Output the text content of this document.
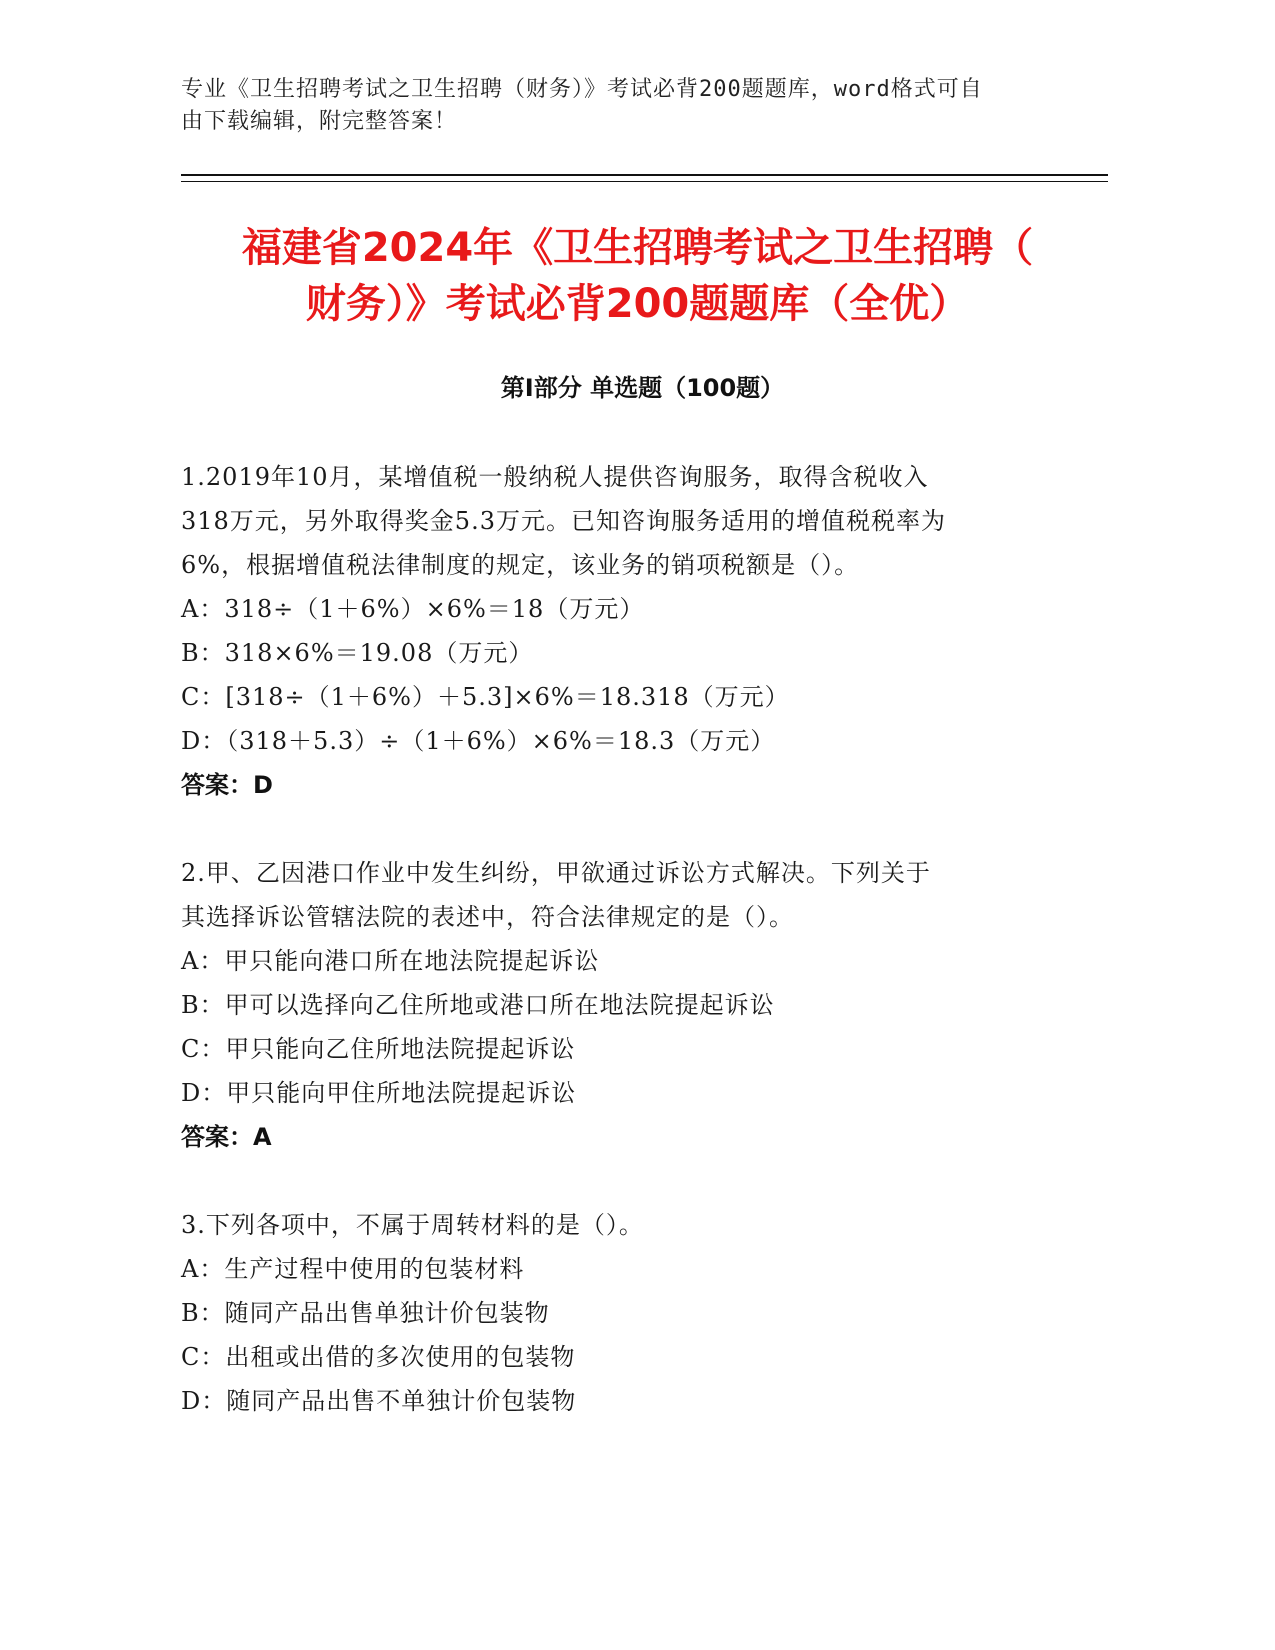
专业《卫生招聘考试之卫生招聘（财务）》考试必背200题题库，word格式可自
由下载编辑，附完整答案！
福建省2024年《卫生招聘考试之卫生招聘（
财务）》考试必背200题题库（全优）
第I部分 单选题（100题）
1.2019年10月，某增值税一般纳税人提供咨询服务，取得含税收入
318万元，另外取得奖金5.3万元。已知咨询服务适用的增值税税率为
6%，根据增值税法律制度的规定，该业务的销项税额是（）。
A：318÷（1＋6%）×6%＝18（万元）
B：318×6%＝19.08（万元）
C：[318÷（1＋6%）＋5.3]×6%＝18.318（万元）
D：（318＋5.3）÷（1＋6%）×6%＝18.3（万元）
答案：D
2.甲、乙因港口作业中发生纠纷，甲欲通过诉讼方式解决。下列关于
其选择诉讼管辖法院的表述中，符合法律规定的是（）。
A：甲只能向港口所在地法院提起诉讼
B：甲可以选择向乙住所地或港口所在地法院提起诉讼
C：甲只能向乙住所地法院提起诉讼
D：甲只能向甲住所地法院提起诉讼
答案：A
3.下列各项中，不属于周转材料的是（）。
A：生产过程中使用的包装材料
B：随同产品出售单独计价包装物
C：出租或出借的多次使用的包装物
D：随同产品出售不单独计价包装物
